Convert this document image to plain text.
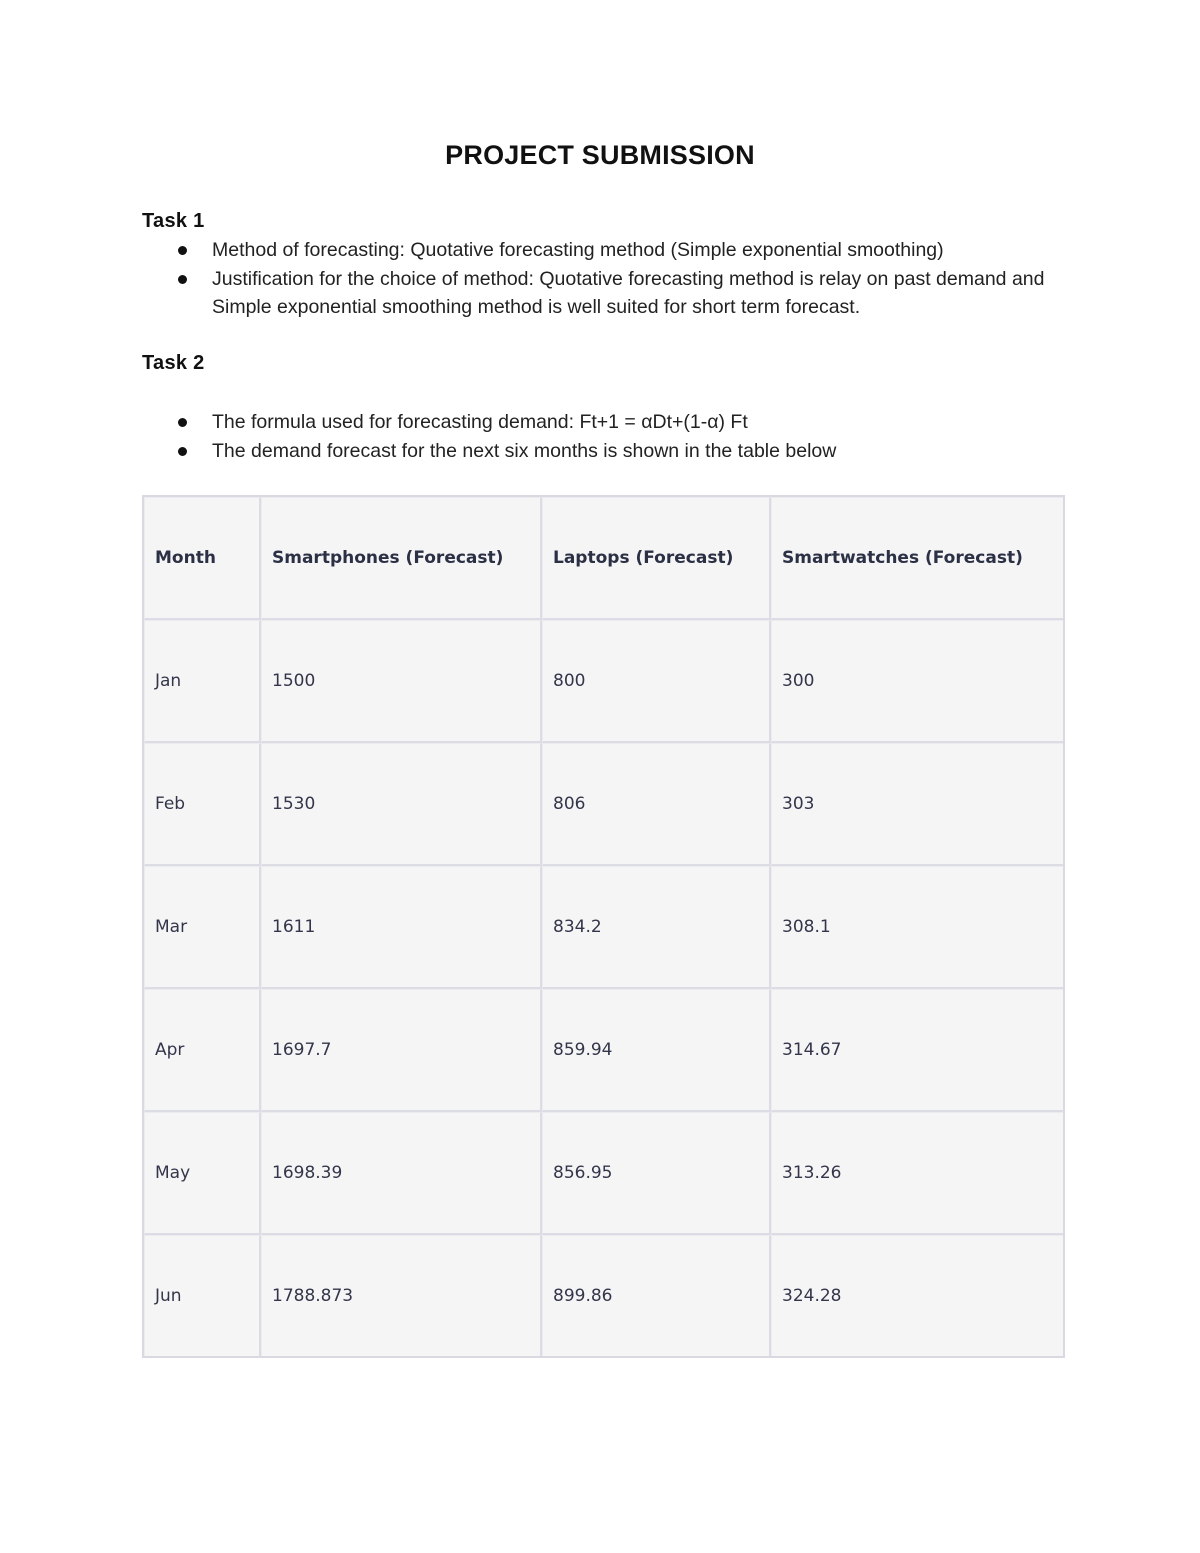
PROJECT SUBMISSION
Task 1
Method of forecasting: Quotative forecasting method (Simple exponential smoothing)
Justification for the choice of method: Quotative forecasting method is relay on past demand and Simple exponential smoothing method is well suited for short term forecast.
Task 2
The formula used for forecasting demand: Ft+1 = αDt+(1-α) Ft
The demand forecast for the next six months is shown in the table below
Month	Smartphones (Forecast)	Laptops (Forecast)	Smartwatches (Forecast)
Jan	1500	800	300
Feb	1530	806	303
Mar	1611	834.2	308.1
Apr	1697.7	859.94	314.67
May	1698.39	856.95	313.26
Jun	1788.873	899.86	324.28
